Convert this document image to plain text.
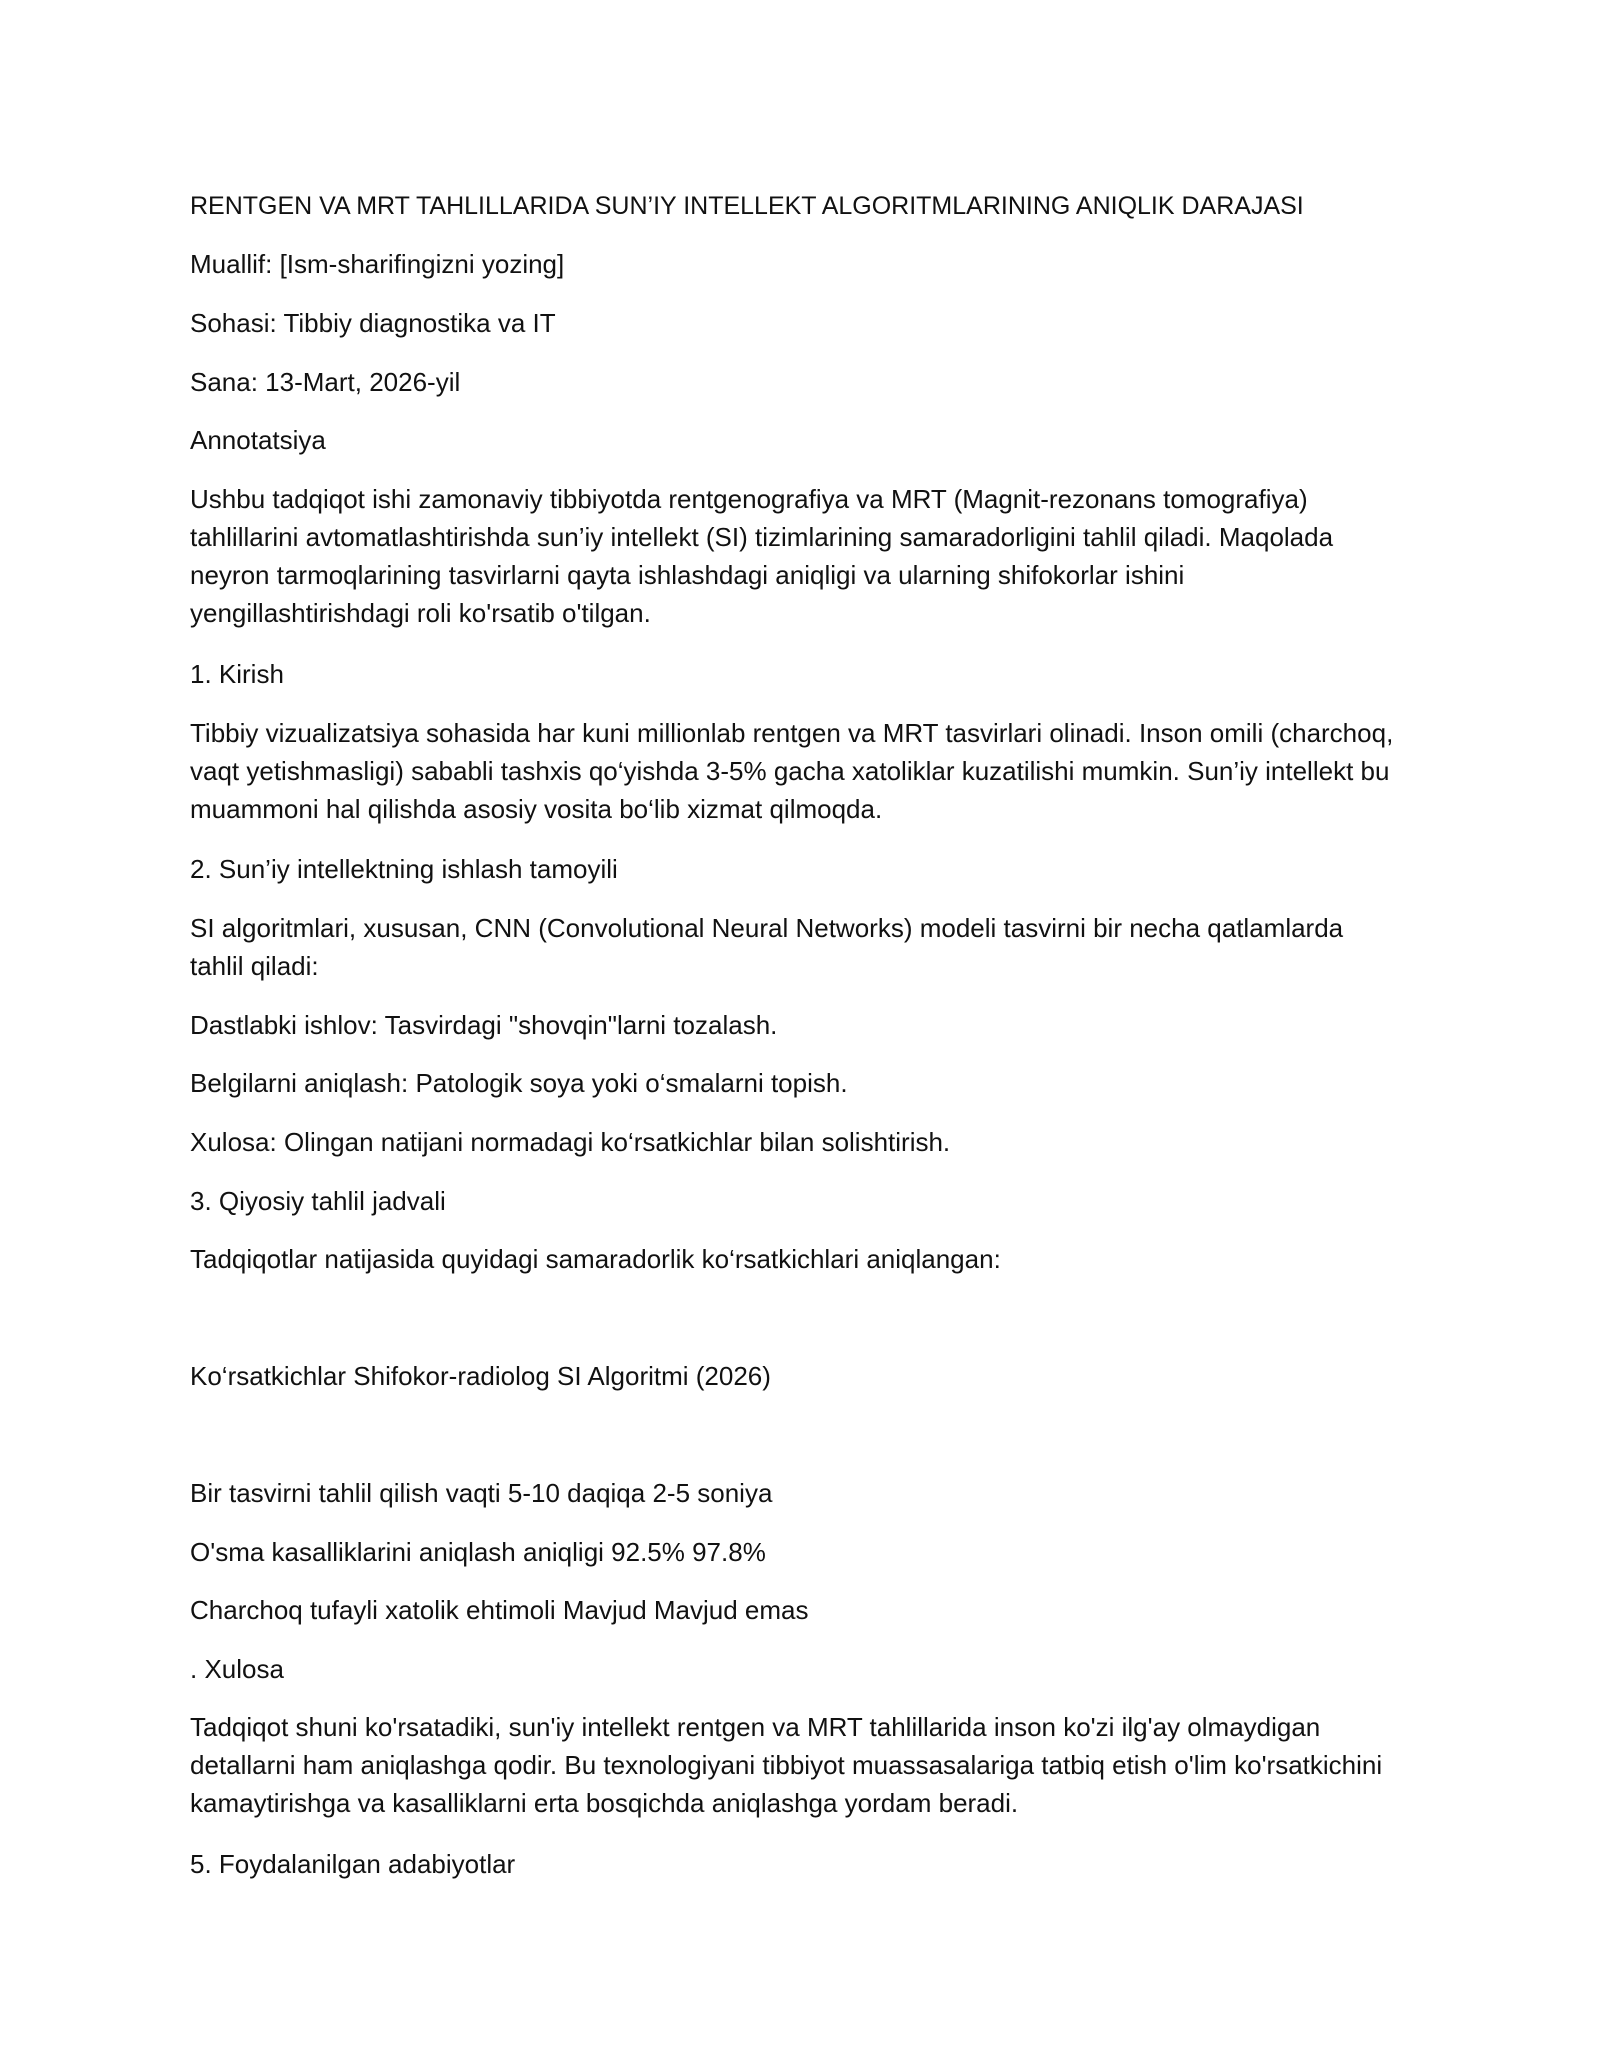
RENTGEN VA MRT TAHLILLARIDA SUN’IY INTELLEKT ALGORITMLARINING ANIQLIK DARAJASI
Muallif: [Ism-sharifingizni yozing]
Sohasi: Tibbiy diagnostika va IT
Sana: 13-Mart, 2026-yil
Annotatsiya
Ushbu tadqiqot ishi zamonaviy tibbiyotda rentgenografiya va MRT (Magnit-rezonans tomografiya)
tahlillarini avtomatlashtirishda sun’iy intellekt (SI) tizimlarining samaradorligini tahlil qiladi. Maqolada
neyron tarmoqlarining tasvirlarni qayta ishlashdagi aniqligi va ularning shifokorlar ishini
yengillashtirishdagi roli ko'rsatib o'tilgan.
1. Kirish
Tibbiy vizualizatsiya sohasida har kuni millionlab rentgen va MRT tasvirlari olinadi. Inson omili (charchoq,
vaqt yetishmasligi) sababli tashxis qo‘yishda 3-5% gacha xatoliklar kuzatilishi mumkin. Sun’iy intellekt bu
muammoni hal qilishda asosiy vosita bo‘lib xizmat qilmoqda.
2. Sun’iy intellektning ishlash tamoyili
SI algoritmlari, xususan, CNN (Convolutional Neural Networks) modeli tasvirni bir necha qatlamlarda
tahlil qiladi:
Dastlabki ishlov: Tasvirdagi "shovqin"larni tozalash.
Belgilarni aniqlash: Patologik soya yoki o‘smalarni topish.
Xulosa: Olingan natijani normadagi ko‘rsatkichlar bilan solishtirish.
3. Qiyosiy tahlil jadvali
Tadqiqotlar natijasida quyidagi samaradorlik ko‘rsatkichlari aniqlangan:
Ko‘rsatkichlar Shifokor-radiolog SI Algoritmi (2026)
Bir tasvirni tahlil qilish vaqti 5-10 daqiqa 2-5 soniya
O'sma kasalliklarini aniqlash aniqligi 92.5% 97.8%
Charchoq tufayli xatolik ehtimoli Mavjud Mavjud emas
. Xulosa
Tadqiqot shuni ko'rsatadiki, sun'iy intellekt rentgen va MRT tahlillarida inson ko'zi ilg'ay olmaydigan
detallarni ham aniqlashga qodir. Bu texnologiyani tibbiyot muassasalariga tatbiq etish o'lim ko'rsatkichini
kamaytirishga va kasalliklarni erta bosqichda aniqlashga yordam beradi.
5. Foydalanilgan adabiyotlar
